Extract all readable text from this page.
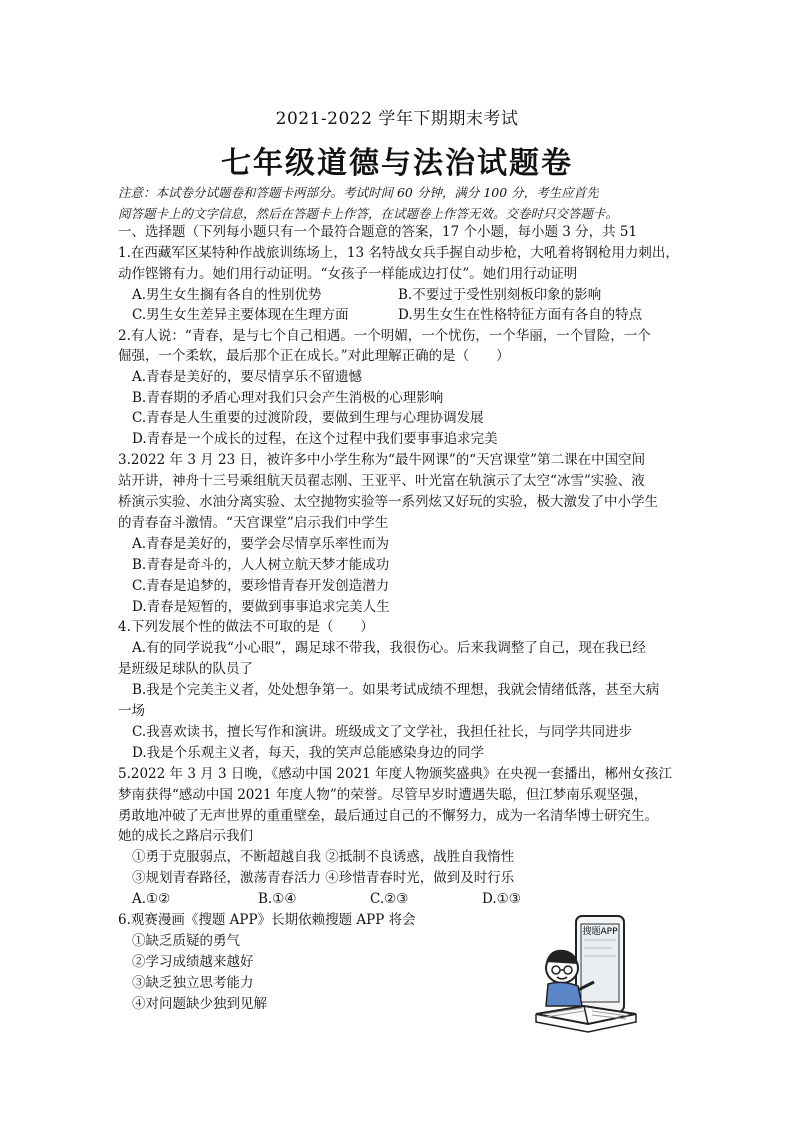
2021-2022 学年下期期末考试
七年级道德与法治试题卷
注意：本试卷分试题卷和答题卡两部分。考试时间 60 分钟，满分 100 分，考生应首先
阅答题卡上的文字信息，然后在答题卡上作答，在试题卷上作答无效。交卷时只交答题卡。
一、选择题（下列每小题只有一个最符合题意的答案，17 个小题，每小题 3 分，共 51
1.在西藏军区某特种作战旅训练场上，13 名特战女兵手握自动步枪，大吼着将钢枪用力刺出，
动作铿锵有力。她们用行动证明。“女孩子一样能成边打仗”。她们用行动证明
A.男生女生搁有各自的性别优势	B.不要过于受性别刻板印象的影响
C.男生女生差异主要体现在生理方面	D.男生女生在性格特征方面有各自的特点
2.有人说：“青春，是与七个自己相遇。一个明媚，一个忧伤，一个华丽，一个冒险，一个
倔强，一个柔软，最后那个正在成长。”对此理解正确的是（　　）
A.青春是美好的，要尽情享乐不留遗憾
B.青春期的矛盾心理对我们只会产生消极的心理影响
C.青春是人生重要的过渡阶段，要做到生理与心理协调发展
D.青春是一个成长的过程，在这个过程中我们要事事追求完美
3.2022 年 3 月 23 日，被许多中小学生称为“最牛网课”的“天宫课堂”第二课在中国空间
站开讲，神舟十三号乘组航天员翟志刚、王亚平、叶光富在轨演示了太空“冰雪”实验、液
桥演示实验、水油分离实验、太空抛物实验等一系列炫又好玩的实验，极大激发了中小学生
的青春奋斗激情。“天宫课堂”启示我们中学生
A.青春是美好的，要学会尽情享乐率性而为
B.青春是奇斗的，人人树立航天梦才能成功
C.青春是追梦的，要珍惜青春开发创造潜力
D.青春是短暂的，要做到事事追求完美人生
4.下列发展个性的做法不可取的是（　　）
A.有的同学说我“小心眼”，踢足球不带我，我很伤心。后来我调整了自己，现在我已经
是班级足球队的队员了
B.我是个完美主义者，处处想争第一。如果考试成绩不理想，我就会情绪低落，甚至大病
一场
C.我喜欢读书，擅长写作和演讲。班级成文了文学社，我担任社长，与同学共同进步
D.我是个乐观主义者，每天，我的笑声总能感染身边的同学
5.2022 年 3 月 3 日晚，《感动中国 2021 年度人物颁奖盛典》在央视一套播出，郴州女孩江
梦南获得“感动中国 2021 年度人物”的荣誉。尽管早岁时遭遇失聪，但江梦南乐观坚强，
勇敢地冲破了无声世界的重重壁垒，最后通过自己的不懈努力，成为一名清华博士研究生。
她的成长之路启示我们
①勇于克服弱点，不断超越自我 ②抵制不良诱惑，战胜自我惰性
③规划青春路径，激荡青春活力 ④珍惜青春时光，做到及时行乐
A.①②	B.①④	C.②③	D.①③
6.观赛漫画《搜题 APP》长期依赖搜题 APP 将会
①缺乏质疑的勇气
②学习成绩越来越好
③缺乏独立思考能力
④对问题缺少独到见解
搜题APP
